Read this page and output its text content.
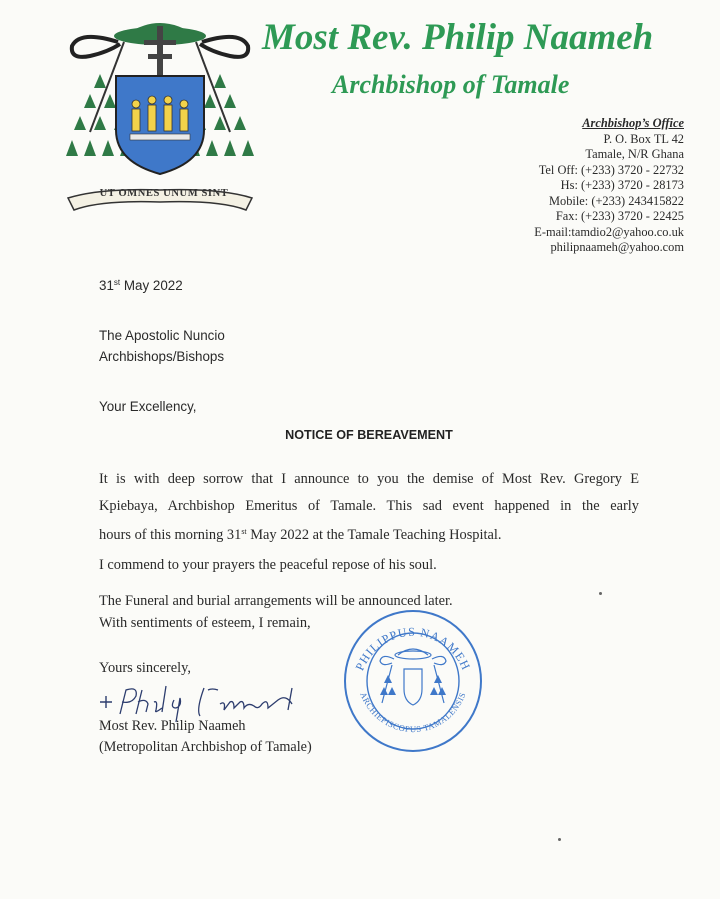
UT OMNES UNUM SINT
Most Rev. Philip Naameh
Archbishop of Tamale
Archbishop’s Office
P. O. Box TL 42
Tamale, N/R Ghana
Tel Off: (+233) 3720 - 22732
Hs: (+233) 3720 - 28173
Mobile: (+233) 243415822
Fax: (+233) 3720 - 22425
E-mail:tamdio2@yahoo.co.uk
philipnaameh@yahoo.com
31st May 2022
The Apostolic Nuncio
Archbishops/Bishops
Your Excellency,
NOTICE OF BEREAVEMENT
It is with deep sorrow that I announce to you the demise of Most Rev. Gregory E
Kpiebaya, Archbishop Emeritus of Tamale. This sad event happened in the early
hours of this morning 31st May 2022 at the Tamale Teaching Hospital.
I commend to your prayers the peaceful repose of his soul.
The Funeral and burial arrangements will be announced later.
With sentiments of esteem, I remain,
Yours sincerely,
Most Rev. Philip Naameh
(Metropolitan Archbishop of Tamale)
PHILIPPUS NAAMEH
ARCHIEPISCOPUS TAMALENSIS
